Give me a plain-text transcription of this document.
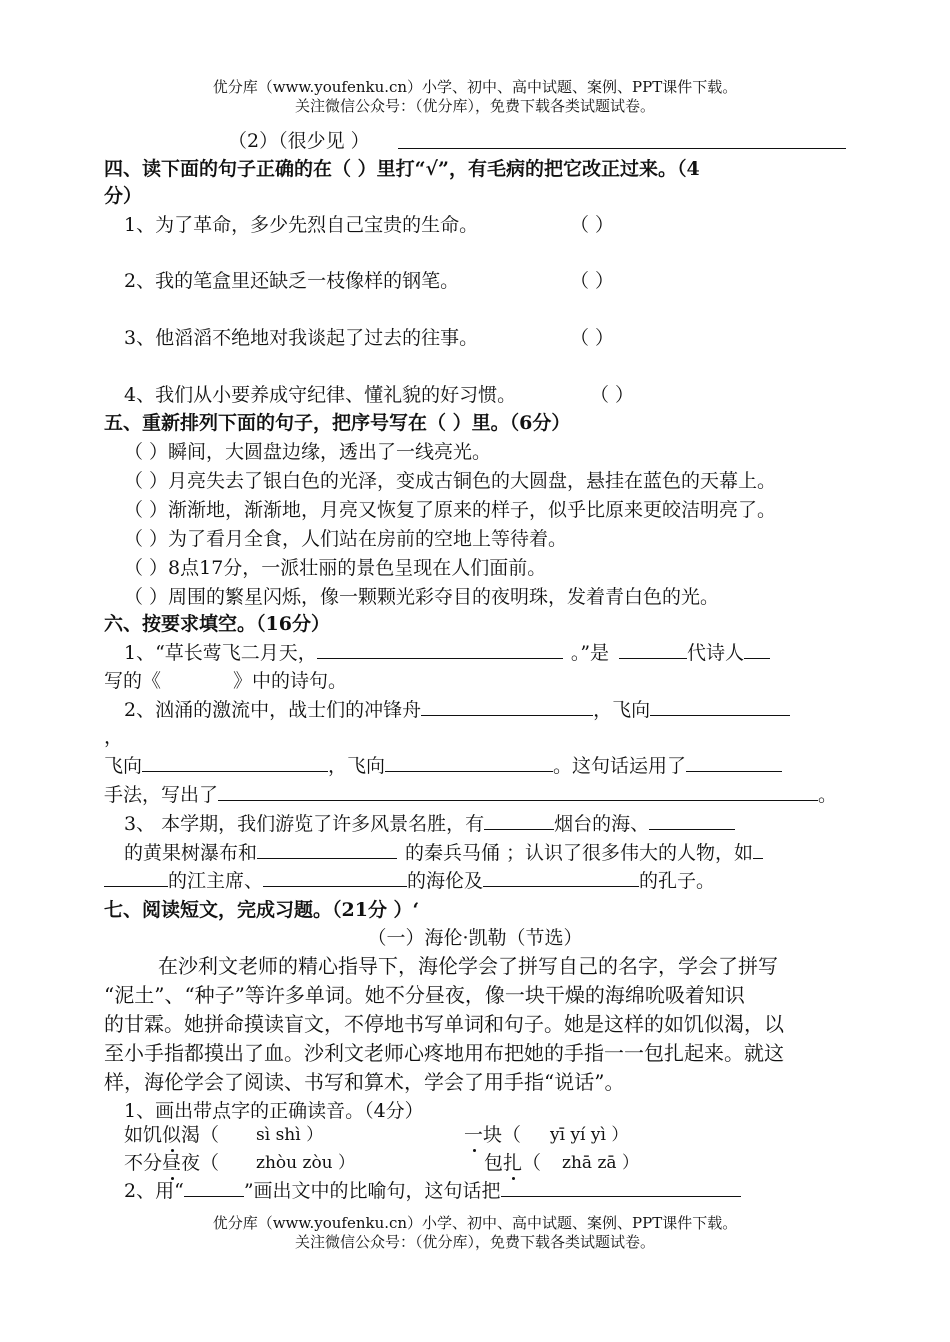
优分库（www.youfenku.cn）小学、初中、高中试题、案例、PPT课件下载。
关注微信公众号：（优分库），免费下载各类试题试卷。
（2）（很少见 ）
四、读下面的句子正确的在（ ）里打“√”，有毛病的把它改正过来。（4
分）
1、为了革命，多少先烈自己宝贵的生命。	（ ）
2、我的笔盒里还缺乏一枝像样的钢笔。	（ ）
3、他滔滔不绝地对我谈起了过去的往事。	（ ）
4、我们从小要养成守纪律、懂礼貌的好习惯。	（ ）
五、重新排列下面的句子，把序号写在（ ）里。（6分）
（ ）瞬间，大圆盘边缘，透出了一线亮光。
（ ）月亮失去了银白色的光泽，变成古铜色的大圆盘，悬挂在蓝色的天幕上。
（ ）渐渐地，渐渐地，月亮又恢复了原来的样子，似乎比原来更皎洁明亮了。
（ ）为了看月全食，人们站在房前的空地上等待着。
（ ）8点17分，一派壮丽的景色呈现在人们面前。
（ ）周围的繁星闪烁，像一颗颗光彩夺目的夜明珠，发着青白色的光。
六、按要求填空。（16分）
1、“草长莺飞二月天，	。”是	代诗人
写的《	》中的诗句。
2、汹涌的激流中，战士们的冲锋舟	，飞向
，
飞向	，飞向	。这句话运用了
手法，写出了	。
3、 本学期，我们游览了许多风景名胜，有	烟台的海、
的黄果树瀑布和	的秦兵马俑 ；认识了很多伟大的人物，如
的江主席、	的海伦及	的孔子。
七、阅读短文，完成习题。（21分 ）‘
（一）海伦·凯勒（节选）
在沙利文老师的精心指导下，海伦学会了拼写自己的名字，学会了拼写
“泥土”、“种子”等许多单词。她不分昼夜，像一块干燥的海绵吮吸着知识
的甘霖。她拼命摸读盲文，不停地书写单词和句子。她是这样的如饥似渴，以
至小手指都摸出了血。沙利文老师心疼地用布把她的手指一一包扎起来。就这
样，海伦学会了阅读、书写和算术，学会了用手指“说话”。
1、画出带点字的正确读音。（4分）
如饥似渴（ sì shì ）	一块（ yī yí yì ）
不分昼夜（ zhòu zòu ）	包扎（ zhā zā ）
2、用“	”画出文中的比喻句，这句话把
优分库（www.youfenku.cn）小学、初中、高中试题、案例、PPT课件下载。
关注微信公众号：（优分库），免费下载各类试题试卷。
